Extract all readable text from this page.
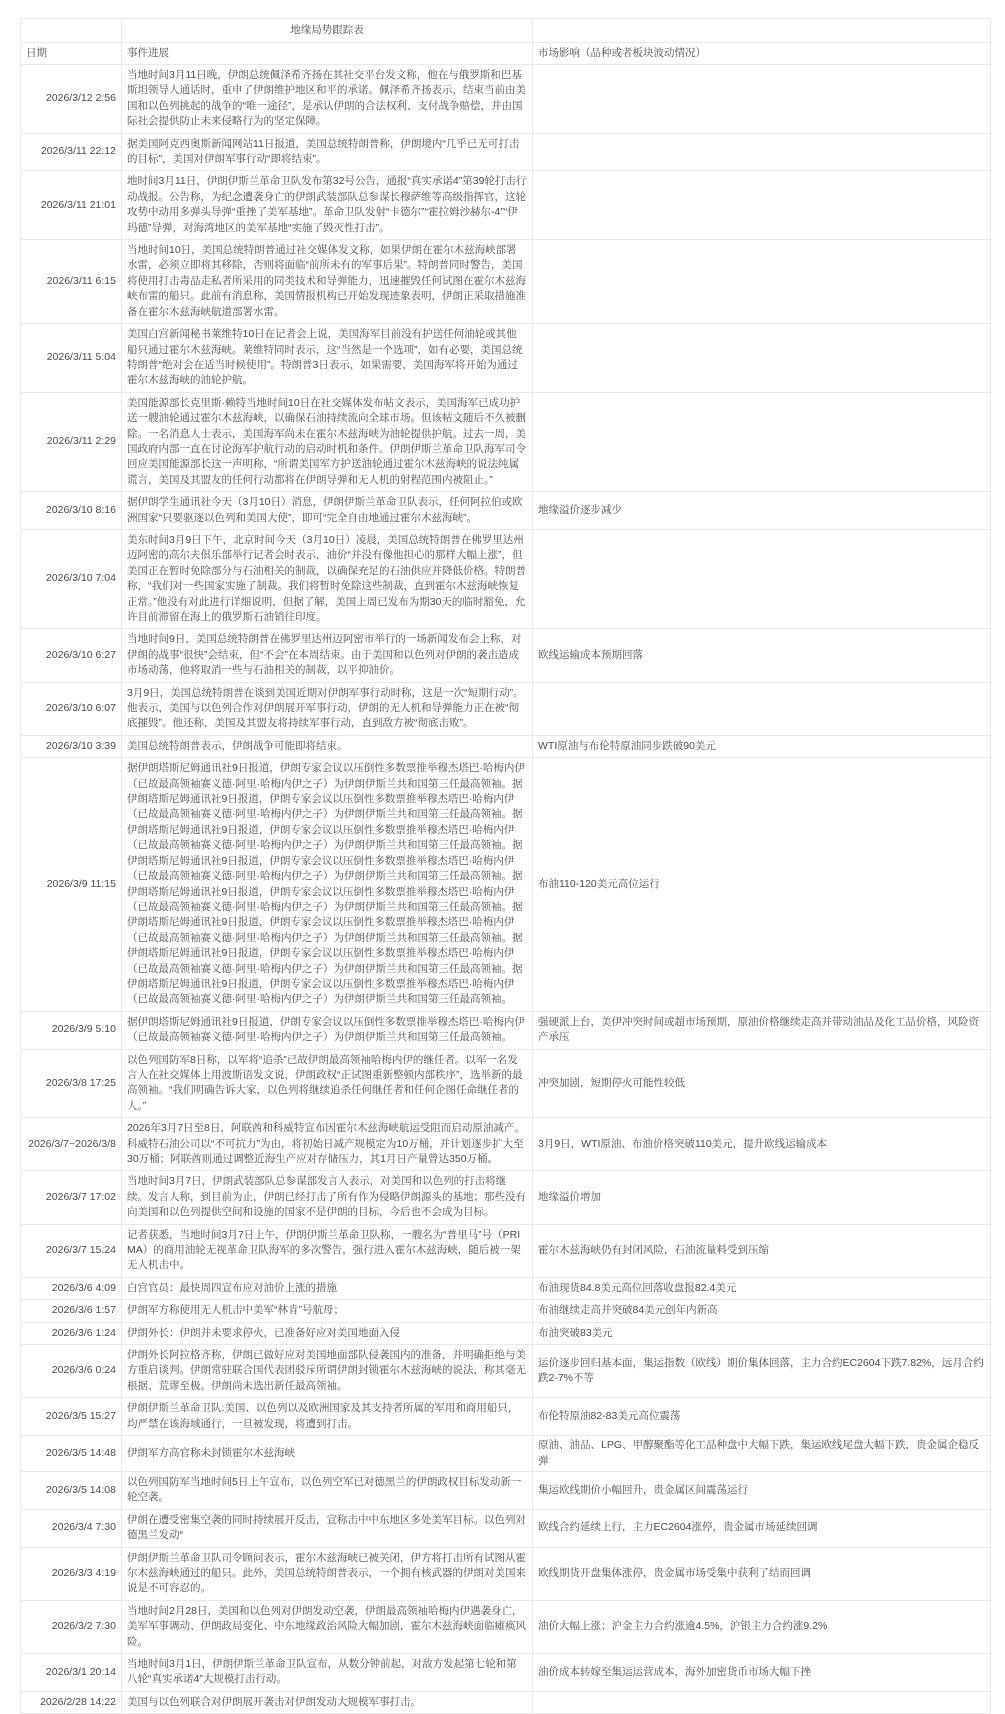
	地缘局势跟踪表	
日期	事件进展	市场影响（品种或者板块波动情况）
2026/3/12 2:56	当地时间3月11日晚，伊朗总统佩泽希齐扬在其社交平台发文称，他在与俄罗斯和巴基斯坦领导人通话时，重申了伊朗维护地区和平的承诺。佩泽希齐扬表示，结束当前由美国和以色列挑起的战争的“唯一途径”，是承认伊朗的合法权利、支付战争赔偿，并由国际社会提供防止未来侵略行为的坚定保障。	
2026/3/11 22:12	据美国阿克西奥斯新闻网站11日报道，美国总统特朗普称，伊朗境内“几乎已无可打击的目标”，美国对伊朗军事行动“即将结束”。	
2026/3/11 21:01	地时间3月11日，伊朗伊斯兰革命卫队发布第32号公告，通报“真实承诺4”第39轮打击行动战报。公告称，为纪念遭袭身亡的伊朗武装部队总参谋长穆萨维等高级指挥官，这轮攻势中动用多弹头导弹“重挫了美军基地”。革命卫队发射“卡德尔”“霍拉姆沙赫尔-4”“伊玛德”导弹，对海湾地区的美军基地“实施了毁灭性打击”。	
2026/3/11 6:15	当地时间10日，美国总统特朗普通过社交媒体发文称，如果伊朗在霍尔木兹海峡部署水雷，必须立即将其移除，否则将面临“前所未有的军事后果”。特朗普同时警告，美国将使用打击毒品走私者所采用的同类技术和导弹能力，迅速摧毁任何试图在霍尔木兹海峡布雷的船只。此前有消息称，美国情报机构已开始发现迹象表明，伊朗正采取措施准备在霍尔木兹海峡航道部署水雷。	
2026/3/11 5:04	美国白宫新闻秘书莱维特10日在记者会上说，美国海军目前没有护送任何油轮或其他船只通过霍尔木兹海峡。莱维特同时表示，这“当然是一个选项”，如有必要，美国总统特朗普“绝对会在适当时候使用”。特朗普3日表示，如果需要，美国海军将开始为通过霍尔木兹海峡的油轮护航。	
2026/3/11 2:29	美国能源部长克里斯·赖特当地时间10日在社交媒体发布帖文表示，美国海军已成功护送一艘油轮通过霍尔木兹海峡，以确保石油持续流向全球市场。但该帖文随后不久被删除。一名消息人士表示，美国海军尚未在霍尔木兹海峡为油轮提供护航。过去一周，美国政府内部一直在讨论海军护航行动的启动时机和条件。伊朗伊斯兰革命卫队海军司令回应美国能源部长这一声明称，“所谓美国军方护送油轮通过霍尔木兹海峡的说法纯属谎言，美国及其盟友的任何行动都将在伊朗导弹和无人机的射程范围内被阻止。”	
2026/3/10 8:16	据伊朗学生通讯社今天（3月10日）消息，伊朗伊斯兰革命卫队表示，任何阿拉伯或欧洲国家“只要驱逐以色列和美国大使”，即可“完全自由地通过霍尔木兹海峡”。	地缘溢价逐步减少
2026/3/10 7:04	美东时间3月9日下午，北京时间今天（3月10日）凌晨，美国总统特朗普在佛罗里达州迈阿密的高尔夫俱乐部举行记者会时表示，油价“并没有像他担心的那样大幅上涨”，但美国正在暂时免除部分与石油相关的制裁，以确保充足的石油供应并降低价格。特朗普称，“我们对一些国家实施了制裁。我们将暂时免除这些制裁，直到霍尔木兹海峡恢复正常。”他没有对此进行详细说明，但据了解，美国上周已发布为期30天的临时豁免，允许目前滞留在海上的俄罗斯石油销往印度。	
2026/3/10 6:27	当地时间9日，美国总统特朗普在佛罗里达州迈阿密市举行的一场新闻发布会上称，对伊朗的战事“很快”会结束，但“不会”在本周结束。由于美国和以色列对伊朗的袭击造成市场动荡，他将取消一些与石油相关的制裁，以平抑油价。	欧线运输成本预期回落
2026/3/10 6:07	3月9日，美国总统特朗普在谈到美国近期对伊朗军事行动时称，这是一次“短期行动”。他表示，美国与以色列合作对伊朗展开军事行动，伊朗的无人机和导弹能力正在被“彻底摧毁”。他还称，美国及其盟友将持续军事行动，直到敌方被“彻底击败”。	
2026/3/10 3:39	美国总统特朗普表示，伊朗战争可能即将结束。	WTI原油与布伦特原油同步跌破90美元
2026/3/9 11:15	据伊朗塔斯尼姆通讯社9日报道，伊朗专家会议以压倒性多数票推举穆杰塔巴·哈梅内伊（已故最高领袖赛义德·阿里·哈梅内伊之子）为伊朗伊斯兰共和国第三任最高领袖。据伊朗塔斯尼姆通讯社9日报道，伊朗专家会议以压倒性多数票推举穆杰塔巴·哈梅内伊（已故最高领袖赛义德·阿里·哈梅内伊之子）为伊朗伊斯兰共和国第三任最高领袖。据伊朗塔斯尼姆通讯社9日报道，伊朗专家会议以压倒性多数票推举穆杰塔巴·哈梅内伊（已故最高领袖赛义德·阿里·哈梅内伊之子）为伊朗伊斯兰共和国第三任最高领袖。据伊朗塔斯尼姆通讯社9日报道，伊朗专家会议以压倒性多数票推举穆杰塔巴·哈梅内伊（已故最高领袖赛义德·阿里·哈梅内伊之子）为伊朗伊斯兰共和国第三任最高领袖。据伊朗塔斯尼姆通讯社9日报道，伊朗专家会议以压倒性多数票推举穆杰塔巴·哈梅内伊（已故最高领袖赛义德·阿里·哈梅内伊之子）为伊朗伊斯兰共和国第三任最高领袖。据伊朗塔斯尼姆通讯社9日报道，伊朗专家会议以压倒性多数票推举穆杰塔巴·哈梅内伊（已故最高领袖赛义德·阿里·哈梅内伊之子）为伊朗伊斯兰共和国第三任最高领袖。据伊朗塔斯尼姆通讯社9日报道，伊朗专家会议以压倒性多数票推举穆杰塔巴·哈梅内伊（已故最高领袖赛义德·阿里·哈梅内伊之子）为伊朗伊斯兰共和国第三任最高领袖。据伊朗塔斯尼姆通讯社9日报道，伊朗专家会议以压倒性多数票推举穆杰塔巴·哈梅内伊（已故最高领袖赛义德·阿里·哈梅内伊之子）为伊朗伊斯兰共和国第三任最高领袖。	布油110-120美元高位运行
2026/3/9 5:10	据伊朗塔斯尼姆通讯社9日报道，伊朗专家会议以压倒性多数票推举穆杰塔巴·哈梅内伊（已故最高领袖赛义德·阿里·哈梅内伊之子）为伊朗伊斯兰共和国第三任最高领袖。	强硬派上台，美伊冲突时间或超市场预期，原油价格继续走高并带动油品及化工品价格，风险资产承压
2026/3/8 17:25	以色列国防军8日称，以军将“追杀”已故伊朗最高领袖哈梅内伊的继任者。以军一名发言人在社交媒体上用波斯语发文说，伊朗政权“正试图重新整顿内部秩序”，选举新的最高领袖。“我们明确告诉大家，以色列将继续追杀任何继任者和任何企图任命继任者的人。”	冲突加剧，短期停火可能性较低
2026/3/7~2026/3/8	2026年3月7日至8日，阿联酋和科威特宣布因霍尔木兹海峡航运受阻而启动原油减产。科威特石油公司以“不可抗力”为由，将初始日减产规模定为10万桶，并计划逐步扩大至30万桶；阿联酋则通过调整近海生产应对存储压力，其1月日产量曾达350万桶。	3月9日，WTI原油、布油价格突破110美元，提升欧线运输成本
2026/3/7 17:02	当地时间3月7日，伊朗武装部队总参谋部发言人表示，对美国和以色列的打击将继续。发言人称，到目前为止，伊朗已经打击了所有作为侵略伊朗源头的基地；那些没有向美国和以色列提供空间和设施的国家不是伊朗的目标，今后也不会成为目标。	地缘溢价增加
2026/3/7 15:24	记者获悉，当地时间3月7日上午，伊朗伊斯兰革命卫队称，一艘名为“普里马”号（PRIMA）的商用油轮无视革命卫队海军的多次警告，强行进入霍尔木兹海峡，随后被一架无人机击中。	霍尔木兹海峡仍有封闭风险，石油流量料受到压缩
2026/3/6 4:09	白宫官员：最快周四宣布应对油价上涨的措施	布油现货84.8美元高位回落收盘报82.4美元
2026/3/6 1:57	伊朗军方称使用无人机击中美军“林肯”号航母；	布油继续走高并突破84美元创年内新高
2026/3/6 1:24	伊朗外长：伊朗并未要求停火，已准备好应对美国地面入侵	布油突破83美元
2026/3/6 0:24	伊朗外长阿拉格齐称，伊朗已做好应对美国地面部队侵袭国内的准备，并明确拒绝与美方重启谈判。伊朗常驻联合国代表团驳斥所谓伊朗封锁霍尔木兹海峡的说法，称其毫无根据、荒谬至极。伊朗尚未选出新任最高领袖。	运价逐步回归基本面，集运指数（欧线）期价集体回落，主力合约EC2604下跌7.82%，远月合约跌2-7%不等
2026/3/5 15:27	伊朗伊斯兰革命卫队:美国、以色列以及欧洲国家及其支持者所属的军用和商用船只，均严禁在该海域通行，一旦被发现，将遭到打击。	布伦特原油82-83美元高位震荡
2026/3/5 14:48	伊朗军方高官称未封锁霍尔木兹海峡	原油、油品、LPG、甲醇聚酯等化工品种盘中大幅下跌，集运欧线尾盘大幅下跌，贵金属企稳反弹
2026/3/5 14:08	以色列国防军当地时间5日上午宣布，以色列空军已对德黑兰的伊朗政权目标发动新一轮空袭。	集运欧线期价小幅回升，贵金属区间震荡运行
2026/3/4 7:30	伊朗在遭受密集空袭的同时持续展开反击，宣称击中中东地区多处美军目标。以色列对德黑兰发动“	欧线合约延续上行，主力EC2604涨停，贵金属市场延续回调
2026/3/3 4:19	伊朗伊斯兰革命卫队司令顾问表示，霍尔木兹海峡已被关闭，伊方将打击所有试图从霍尔木兹海峡通过的船只。此外，美国总统特朗普表示，一个拥有核武器的伊朗对美国来说是不可容忍的。	欧线期货开盘集体涨停，贵金属市场受集中获利了结而回调
2026/3/2 7:30	当地时间2月28日，美国和以色列对伊朗发动空袭，伊朗最高领袖哈梅内伊遇袭身亡，美军军事调动、伊朗政局变化、中东地缘政治风险大幅加剧，霍尔木兹海峡面临瘫痪风险。	油价大幅上涨；沪金主力合约涨逾4.5%，沪银主力合约涨9.2%
2026/3/1 20:14	当地时间3月1日，伊朗伊斯兰革命卫队宣布，从数分钟前起，对敌方发起第七轮和第八轮“真实承诺4”大规模打击行动。	油价成本转嫁至集运运营成本，海外加密货币市场大幅下挫
2026/2/28 14:22	美国与以色列联合对伊朗展开袭击对伊朗发动大规模军事打击。	
